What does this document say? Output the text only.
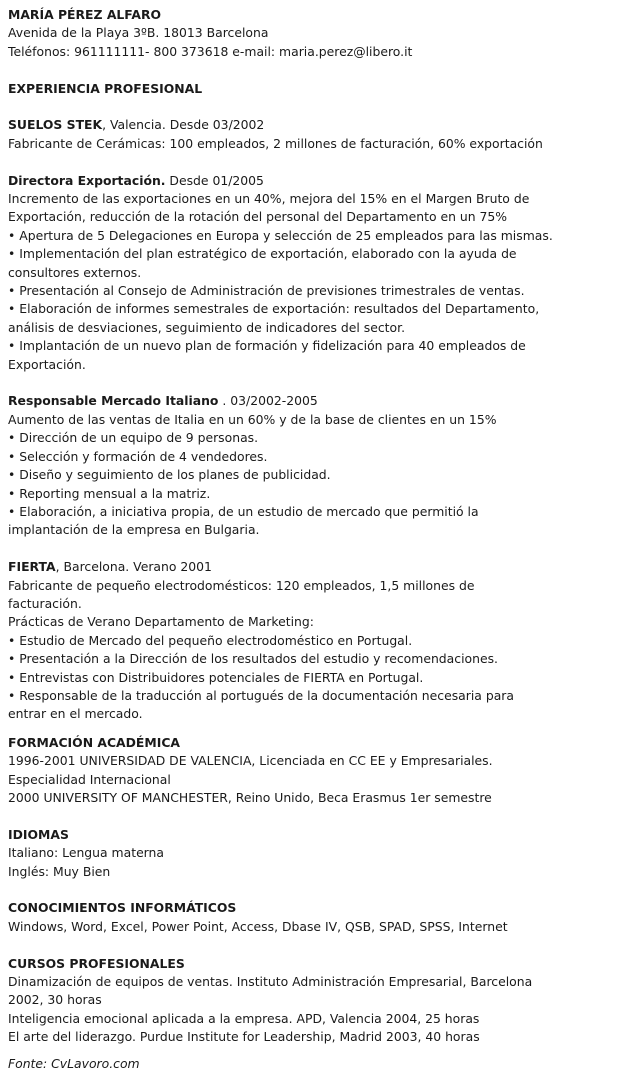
MARÍA PÉREZ ALFARO
Avenida de la Playa 3ºB. 18013 Barcelona
Teléfonos: 961111111- 800 373618 e-mail: maria.perez@libero.it
EXPERIENCIA PROFESIONAL
SUELOS STEK, Valencia. Desde 03/2002
Fabricante de Cerámicas: 100 empleados, 2 millones de facturación, 60% exportación
Directora Exportación. Desde 01/2005
Incremento de las exportaciones en un 40%, mejora del 15% en el Margen Bruto de
Exportación, reducción de la rotación del personal del Departamento en un 75%
• Apertura de 5 Delegaciones en Europa y selección de 25 empleados para las mismas.
• Implementación del plan estratégico de exportación, elaborado con la ayuda de
consultores externos.
• Presentación al Consejo de Administración de previsiones trimestrales de ventas.
• Elaboración de informes semestrales de exportación: resultados del Departamento,
análisis de desviaciones, seguimiento de indicadores del sector.
• Implantación de un nuevo plan de formación y fidelización para 40 empleados de
Exportación.
Responsable Mercado Italiano . 03/2002-2005
Aumento de las ventas de Italia en un 60% y de la base de clientes en un 15%
• Dirección de un equipo de 9 personas.
• Selección y formación de 4 vendedores.
• Diseño y seguimiento de los planes de publicidad.
• Reporting mensual a la matriz.
• Elaboración, a iniciativa propia, de un estudio de mercado que permitió la
implantación de la empresa en Bulgaria.
FIERTA, Barcelona. Verano 2001
Fabricante de pequeño electrodomésticos: 120 empleados, 1,5 millones de
facturación.
Prácticas de Verano Departamento de Marketing:
• Estudio de Mercado del pequeño electrodoméstico en Portugal.
• Presentación a la Dirección de los resultados del estudio y recomendaciones.
• Entrevistas con Distribuidores potenciales de FIERTA en Portugal.
• Responsable de la traducción al portugués de la documentación necesaria para
entrar en el mercado.
FORMACIÓN ACADÉMICA
1996-2001 UNIVERSIDAD DE VALENCIA, Licenciada en CC EE y Empresariales.
Especialidad Internacional
2000 UNIVERSITY OF MANCHESTER, Reino Unido, Beca Erasmus 1er semestre
IDIOMAS
Italiano: Lengua materna
Inglés: Muy Bien
CONOCIMIENTOS INFORMÁTICOS
Windows, Word, Excel, Power Point, Access, Dbase IV, QSB, SPAD, SPSS, Internet
CURSOS PROFESIONALES
Dinamización de equipos de ventas. Instituto Administración Empresarial, Barcelona
2002, 30 horas
Inteligencia emocional aplicada a la empresa. APD, Valencia 2004, 25 horas
El arte del liderazgo. Purdue Institute for Leadership, Madrid 2003, 40 horas
Fonte: CvLavoro.com
